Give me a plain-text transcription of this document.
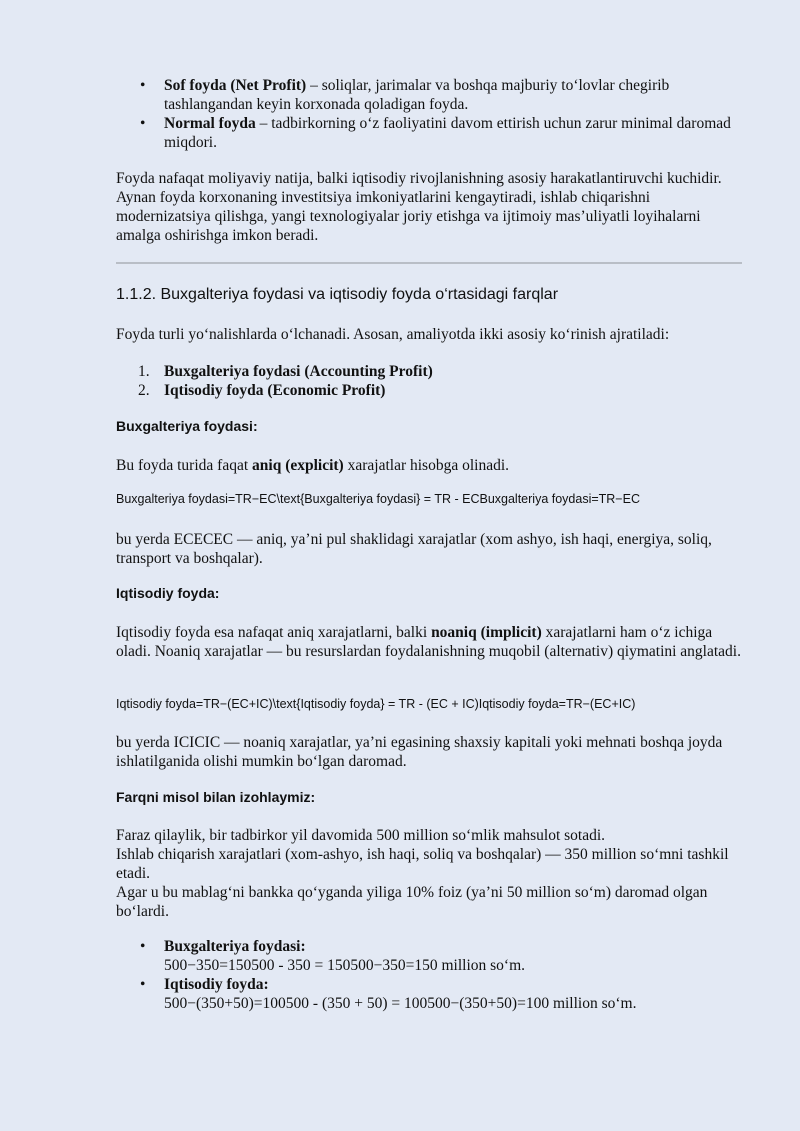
• Sof foyda (Net Profit) – soliqlar, jarimalar va boshqa majburiy to‘lovlar chegirib tashlangandan keyin korxonada qoladigan foyda.
• Normal foyda – tadbirkorning o‘z faoliyatini davom ettirish uchun zarur minimal daromad miqdori.

Foyda nafaqat moliyaviy natija, balki iqtisodiy rivojlanishning asosiy harakatlantiruvchi kuchidir. Aynan foyda korxonaning investitsiya imkoniyatlarini kengaytiradi, ishlab chiqarishni modernizatsiya qilishga, yangi texnologiyalar joriy etishga va ijtimoiy mas’uliyatli loyihalarni amalga oshirishga imkon beradi.

1.1.2. Buxgalteriya foydasi va iqtisodiy foyda o‘rtasidagi farqlar

Foyda turli yo‘nalishlarda o‘lchanadi. Asosan, amaliyotda ikki asosiy ko‘rinish ajratiladi:

1. Buxgalteriya foydasi (Accounting Profit)
2. Iqtisodiy foyda (Economic Profit)
Buxgalteriya foydasi:

Bu foyda turida faqat aniq (explicit) xarajatlar hisobga olinadi.

Buxgalteriya foydasi=TR−EC\text{Buxgalteriya foydasi} = TR - ECBuxgalteriya foydasi=TR−EC

bu yerda ECECEC — aniq, ya’ni pul shaklidagi xarajatlar (xom ashyo, ish haqi, energiya, soliq, transport va boshqalar).

Iqtisodiy foyda:

Iqtisodiy foyda esa nafaqat aniq xarajatlarni, balki noaniq (implicit) xarajatlarni ham o‘z ichiga oladi. Noaniq xarajatlar — bu resurslardan foydalanishning muqobil (alternativ) qiymatini anglatadi.

Iqtisodiy foyda=TR−(EC+IC)\text{Iqtisodiy foyda} = TR - (EC + IC)Iqtisodiy foyda=TR−(EC+IC)

bu yerda ICICIC — noaniq xarajatlar, ya’ni egasining shaxsiy kapitali yoki mehnati boshqa joyda ishlatilganida olishi mumkin bo‘lgan daromad.

Farqni misol bilan izohlaymiz:
Faraz qilaylik, bir tadbirkor yil davomida 500 million so‘mlik mahsulot sotadi.
Ishlab chiqarish xarajatlari (xom-ashyo, ish haqi, soliq va boshqalar) — 350 million so‘mni tashkil etadi.
Agar u bu mablag‘ni bankka qo‘yganda yiliga 10% foiz (ya’ni 50 million so‘m) daromad olgan bo‘lardi.
• Buxgalteriya foydasi:
500−350=150500 - 350 = 150500−350=150 million so‘m.
• Iqtisodiy foyda:
500−(350+50)=100500 - (350 + 50) = 100500−(350+50)=100 million so‘m.
